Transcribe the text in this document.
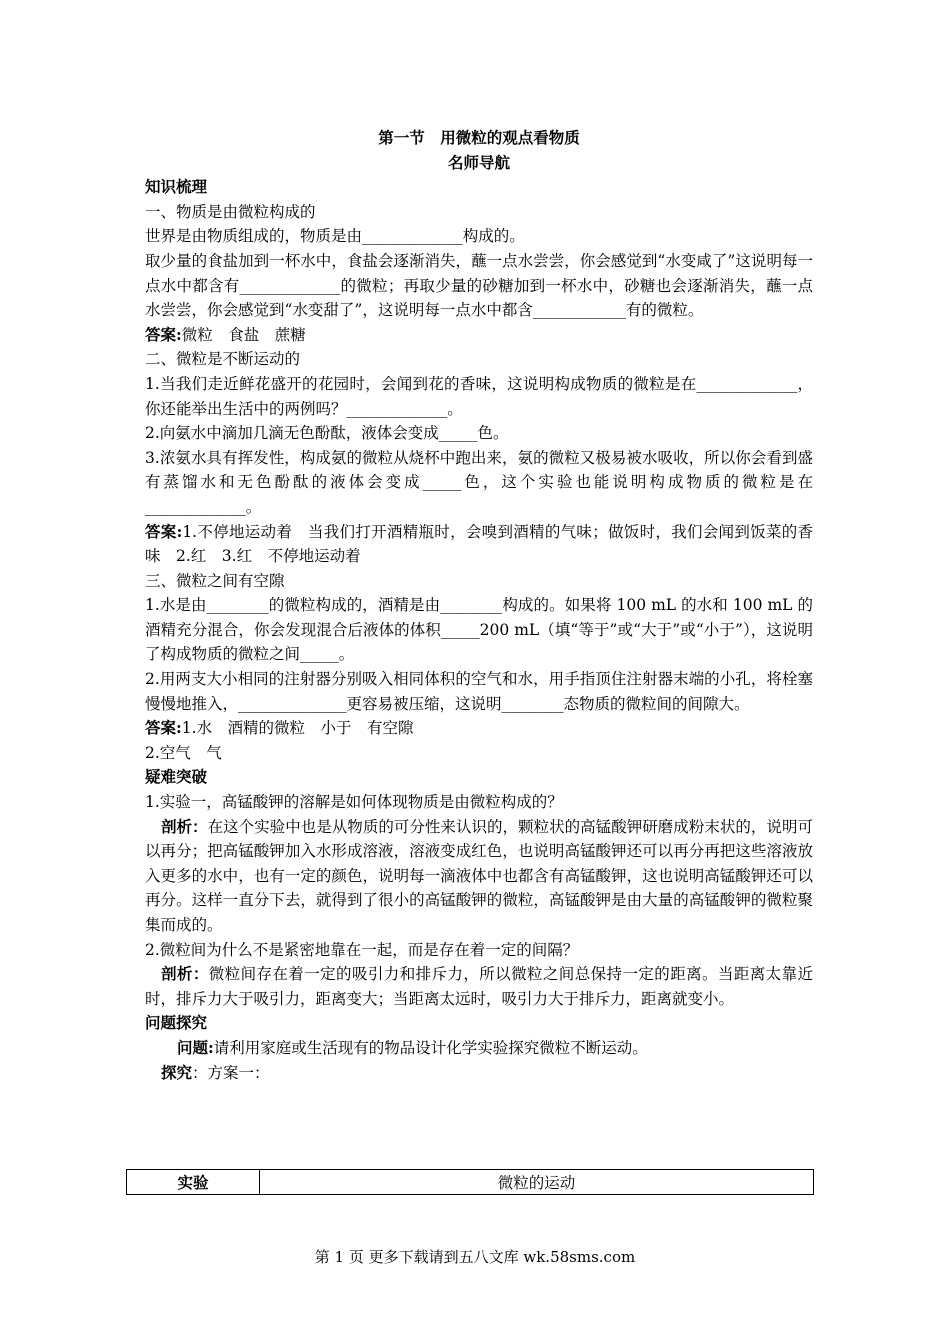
第一节　用微粒的观点看物质

名师导航

知识梳理

一、物质是由微粒构成的

世界是由物质组成的，物质是由_____________构成的。

取少量的食盐加到一杯水中，食盐会逐渐消失，蘸一点水尝尝，你会感觉到“水变咸了”这说明每一点水中都含有_____________的微粒；再取少量的砂糖加到一杯水中，砂糖也会逐渐消失，蘸一点水尝尝，你会感觉到“水变甜了”，这说明每一点水中都含____________有的微粒。

答案:微粒　食盐　蔗糖

二、微粒是不断运动的

1.当我们走近鲜花盛开的花园时，会闻到花的香味，这说明构成物质的微粒是在_____________，你还能举出生活中的两例吗？_____________。

2.向氨水中滴加几滴无色酚酞，液体会变成_____色。

3.浓氨水具有挥发性，构成氨的微粒从烧杯中跑出来，氨的微粒又极易被水吸收，所以你会看到盛有蒸馏水和无色酚酞的液体会变成_____色，这个实验也能说明构成物质的微粒是在_____________。

答案:1.不停地运动着　当我们打开酒精瓶时，会嗅到酒精的气味；做饭时，我们会闻到饭菜的香味　2.红　3.红　不停地运动着

三、微粒之间有空隙

1.水是由________的微粒构成的，酒精是由________构成的。如果将 100 mL 的水和 100 mL 的酒精充分混合，你会发现混合后液体的体积_____200 mL（填“等于”或“大于”或“小于”），这说明了构成物质的微粒之间_____。

2.用两支大小相同的注射器分别吸入相同体积的空气和水，用手指顶住注射器末端的小孔，将栓塞慢慢地推入，______________更容易被压缩，这说明________态物质的微粒间的间隙大。

答案:1.水　酒精的微粒　小于　有空隙

2.空气　气

疑难突破

1.实验一，高锰酸钾的溶解是如何体现物质是由微粒构成的？

剖析：在这个实验中也是从物质的可分性来认识的，颗粒状的高锰酸钾研磨成粉末状的，说明可以再分；把高锰酸钾加入水形成溶液，溶液变成红色，也说明高锰酸钾还可以再分再把这些溶液放入更多的水中，也有一定的颜色，说明每一滴液体中也都含有高锰酸钾，这也说明高锰酸钾还可以再分。这样一直分下去，就得到了很小的高锰酸钾的微粒，高锰酸钾是由大量的高锰酸钾的微粒聚集而成的。

2.微粒间为什么不是紧密地靠在一起，而是存在着一定的间隔？

剖析：微粒间存在着一定的吸引力和排斥力，所以微粒之间总保持一定的距离。当距离太靠近时，排斥力大于吸引力，距离变大；当距离太远时，吸引力大于排斥力，距离就变小。

问题探究

问题:请利用家庭或生活现有的物品设计化学实验探究微粒不断运动。

探究：方案一：

实验	微粒的运动
第 1 页 更多下载请到五八文库 wk.58sms.com
